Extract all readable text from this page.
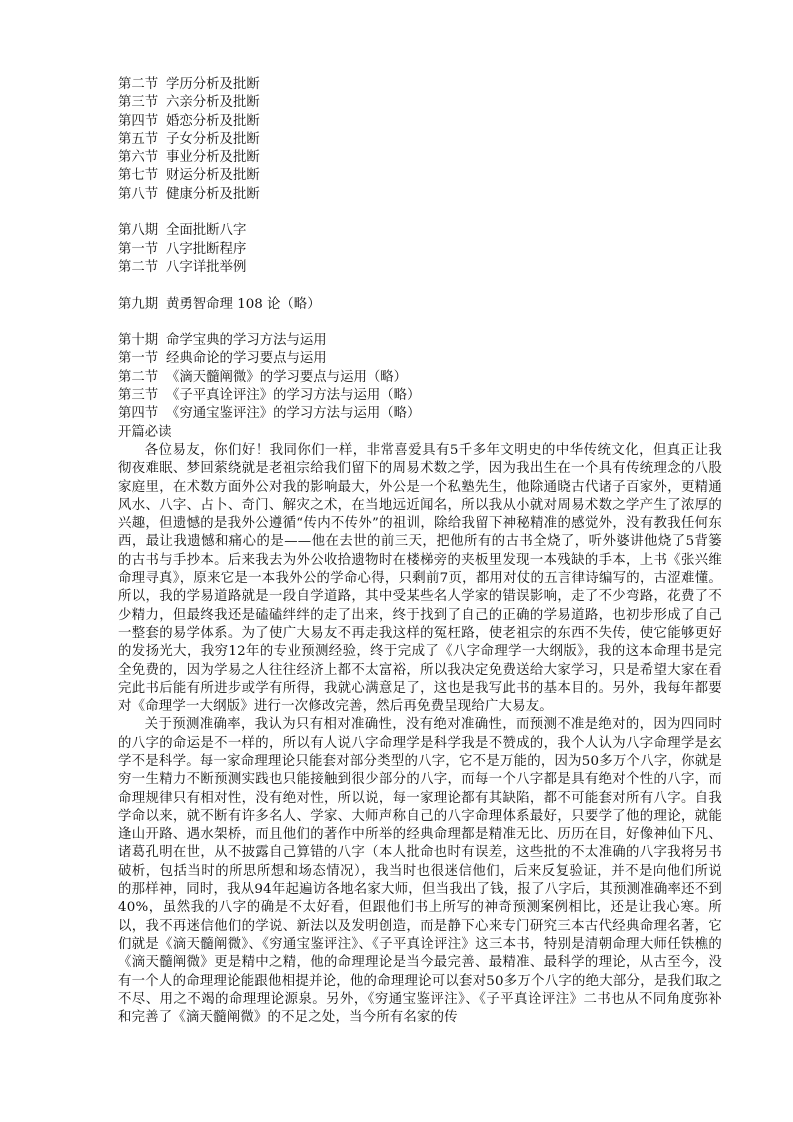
第二节 学历分析及批断
第三节 六亲分析及批断
第四节 婚恋分析及批断
第五节 子女分析及批断
第六节 事业分析及批断
第七节 财运分析及批断
第八节 健康分析及批断
第八期 全面批断八字
第一节 八字批断程序
第二节 八字详批举例
第九期 黄勇智命理 108 论（略）
第十期 命学宝典的学习方法与运用
第一节 经典命论的学习要点与运用
第二节 《滴天髓阐微》的学习要点与运用（略）
第三节 《子平真诠评注》的学习方法与运用（略）
第四节 《穷通宝鉴评注》的学习方法与运用（略）
开篇必读

各位易友，你们好！我同你们一样，非常喜爱具有5千多年文明史的中华传统文化，但真正让我彻夜难眠、梦回萦绕就是老祖宗给我们留下的周易术数之学，因为我出生在一个具有传统理念的八股家庭里，在术数方面外公对我的影响最大，外公是一个私塾先生，他除通晓古代诸子百家外，更精通风水、八字、占卜、奇门、解灾之术，在当地远近闻名，所以我从小就对周易术数之学产生了浓厚的兴趣，但遗憾的是我外公遵循“传内不传外”的祖训，除给我留下神秘精准的感觉外，没有教我任何东西，最让我遗憾和痛心的是——他在去世的前三天，把他所有的古书全烧了，听外婆讲他烧了5背篓的古书与手抄本。后来我去为外公收拾遗物时在楼梯旁的夹板里发现一本残缺的手本，上书《张兴维命理寻真》，原来它是一本我外公的学命心得，只剩前7页，都用对仗的五言律诗编写的，古涩难懂。所以，我的学易道路就是一段自学道路，其中受某些名人学家的错误影响，走了不少弯路，花费了不少精力，但最终我还是磕磕绊绊的走了出来，终于找到了自己的正确的学易道路，也初步形成了自己一整套的易学体系。为了使广大易友不再走我这样的冤枉路，使老祖宗的东西不失传，使它能够更好的发扬光大，我穷12年的专业预测经验，终于完成了《八字命理学一大纲版》，我的这本命理书是完全免费的，因为学易之人往往经济上都不太富裕，所以我决定免费送给大家学习，只是希望大家在看完此书后能有所进步或学有所得，我就心满意足了，这也是我写此书的基本目的。另外，我每年都要对《命理学一大纲版》进行一次修改完善，然后再免费呈现给广大易友。

关于预测准确率，我认为只有相对准确性，没有绝对准确性，而预测不准是绝对的，因为四同时的八字的命运是不一样的，所以有人说八字命理学是科学我是不赞成的，我个人认为八字命理学是玄学不是科学。每一家命理理论只能套对部分类型的八字，它不是万能的，因为50多万个八字，你就是穷一生精力不断预测实践也只能接触到很少部分的八字，而每一个八字都是具有绝对个性的八字，而命理规律只有相对性，没有绝对性，所以说，每一家理论都有其缺陷，都不可能套对所有八字。自我学命以来，就不断有许多名人、学家、大师声称自己的八字命理体系最好，只要学了他的理论，就能逢山开路、遇水架桥，而且他们的著作中所举的经典命理都是精准无比、历历在目，好像神仙下凡、诸葛孔明在世，从不披露自己算错的八字（本人批命也时有误差，这些批的不太准确的八字我将另书破析，包括当时的所思所想和场态情况），我当时也很迷信他们，后来反复验证，并不是向他们所说的那样神，同时，我从94年起遍访各地名家大师，但当我出了钱，报了八字后，其预测准确率还不到40%，虽然我的八字的确是不太好看，但跟他们书上所写的神奇预测案例相比，还是让我心寒。所以，我不再迷信他们的学说、新法以及发明创造，而是静下心来专门研究三本古代经典命理名著，它们就是《滴天髓阐微》、《穷通宝鉴评注》、《子平真诠评注》这三本书，特别是清朝命理大师任铁樵的《滴天髓阐微》更是精中之精，他的命理理论是当今最完善、最精准、最科学的理论，从古至今，没有一个人的命理理论能跟他相提并论，他的命理理论可以套对50多万个八字的绝大部分，是我们取之不尽、用之不竭的命理理论源泉。另外，《穷通宝鉴评注》、《子平真诠评注》二书也从不同角度弥补和完善了《滴天髓阐微》的不足之处，当今所有名家的传
